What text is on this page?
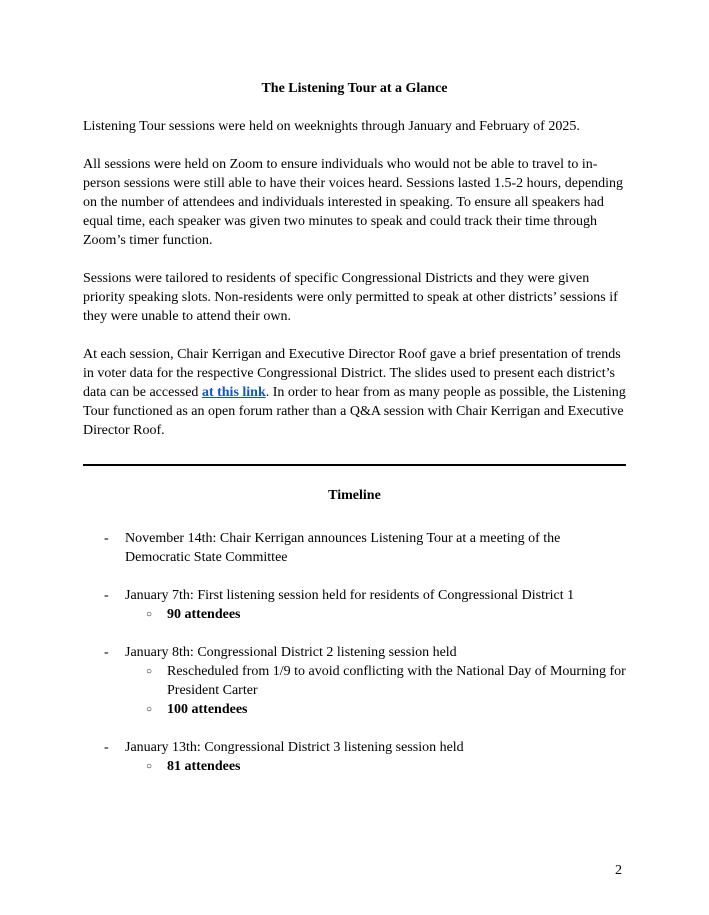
The Listening Tour at a Glance

Listening Tour sessions were held on weeknights through January and February of 2025.

All sessions were held on Zoom to ensure individuals who would not be able to travel to in-person sessions were still able to have their voices heard. Sessions lasted 1.5-2 hours, depending on the number of attendees and individuals interested in speaking. To ensure all speakers had equal time, each speaker was given two minutes to speak and could track their time through Zoom’s timer function.

Sessions were tailored to residents of specific Congressional Districts and they were given priority speaking slots. Non-residents were only permitted to speak at other districts’ sessions if they were unable to attend their own.

At each session, Chair Kerrigan and Executive Director Roof gave a brief presentation of trends in voter data for the respective Congressional District. The slides used to present each district’s data can be accessed at this link. In order to hear from as many people as possible, the Listening Tour functioned as an open forum rather than a Q&A session with Chair Kerrigan and Executive Director Roof.

Timeline

-	November 14th: Chair Kerrigan announces Listening Tour at a meeting of the Democratic State Committee
-	January 7th: First listening session held for residents of Congressional District 1
○	90 attendees
-	January 8th: Congressional District 2 listening session held
○	Rescheduled from 1/9 to avoid conflicting with the National Day of Mourning for President Carter
○	100 attendees
-	January 13th: Congressional District 3 listening session held
○	81 attendees
2
